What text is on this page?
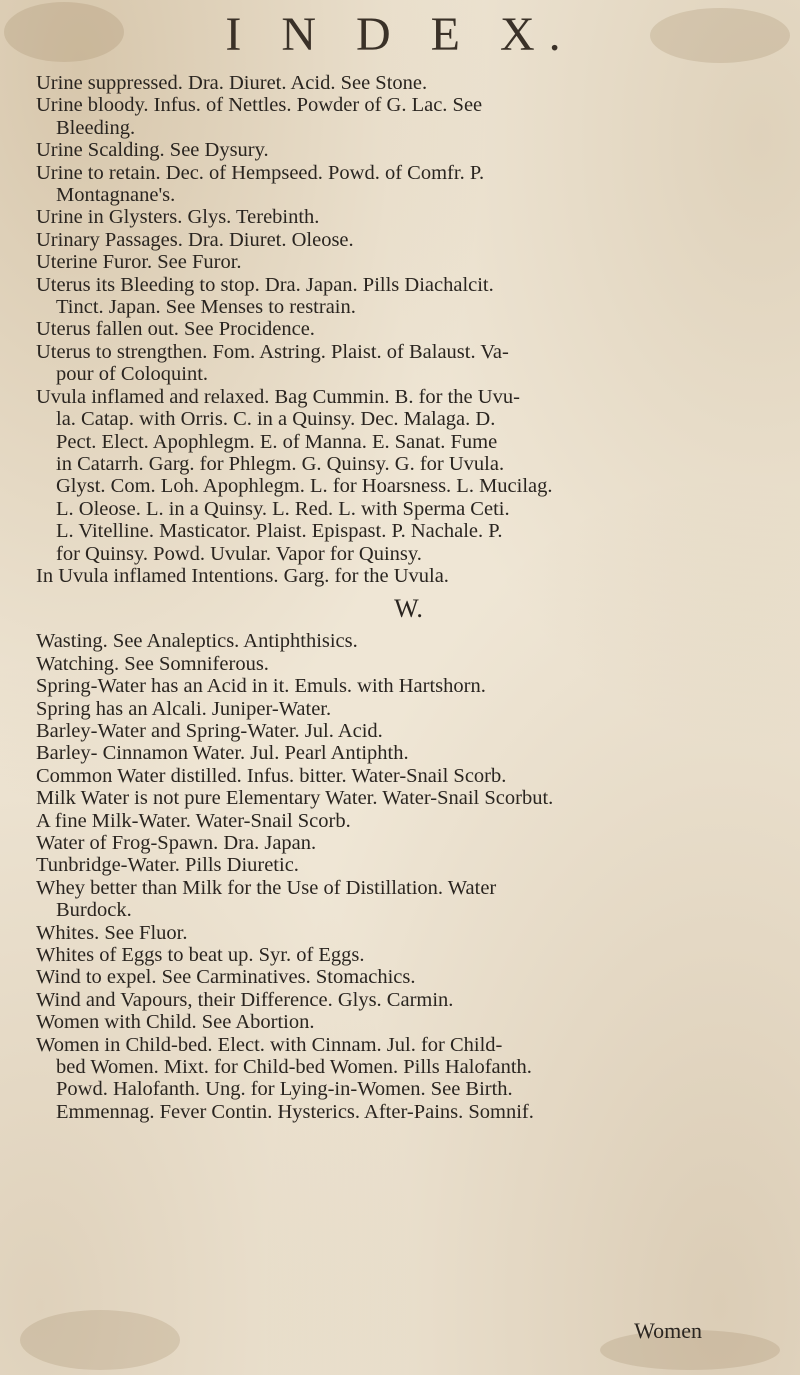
I N D E X.
Urine suppressed. Dra. Diuret. Acid. See Stone.
Urine bloody. Infus. of Nettles. Powder of G. Lac. See
Bleeding.
Urine Scalding. See Dysury.
Urine to retain. Dec. of Hempseed. Powd. of Comfr. P.
Montagnane's.
Urine in Glysters. Glys. Terebinth.
Urinary Passages. Dra. Diuret. Oleose.
Uterine Furor. See Furor.
Uterus its Bleeding to stop. Dra. Japan. Pills Diachalcit.
Tinct. Japan. See Menses to restrain.
Uterus fallen out. See Procidence.
Uterus to strengthen. Fom. Astring. Plaist. of Balaust. Va-
pour of Coloquint.
Uvula inflamed and relaxed. Bag Cummin. B. for the Uvu-
la. Catap. with Orris. C. in a Quinsy. Dec. Malaga. D.
Pect. Elect. Apophlegm. E. of Manna. E. Sanat. Fume
in Catarrh. Garg. for Phlegm. G. Quinsy. G. for Uvula.
Glyst. Com. Loh. Apophlegm. L. for Hoarsness. L. Mucilag.
L. Oleose. L. in a Quinsy. L. Red. L. with Sperma Ceti.
L. Vitelline. Masticator. Plaist. Epispast. P. Nachale. P.
for Quinsy. Powd. Uvular. Vapor for Quinsy.
In Uvula inflamed Intentions. Garg. for the Uvula.
W.
Wasting. See Analeptics. Antiphthisics.
Watching. See Somniferous.
Spring-Water has an Acid in it. Emuls. with Hartshorn.
Spring has an Alcali. Juniper-Water.
Barley-Water and Spring-Water. Jul. Acid.
Barley- Cinnamon Water. Jul. Pearl Antiphth.
Common Water distilled. Infus. bitter. Water-Snail Scorb.
Milk Water is not pure Elementary Water. Water-Snail Scorbut.
A fine Milk-Water. Water-Snail Scorb.
Water of Frog-Spawn. Dra. Japan.
Tunbridge-Water. Pills Diuretic.
Whey better than Milk for the Use of Distillation. Water
Burdock.
Whites. See Fluor.
Whites of Eggs to beat up. Syr. of Eggs.
Wind to expel. See Carminatives. Stomachics.
Wind and Vapours, their Difference. Glys. Carmin.
Women with Child. See Abortion.
Women in Child-bed. Elect. with Cinnam. Jul. for Child-
bed Women. Mixt. for Child-bed Women. Pills Halofanth.
Powd. Halofanth. Ung. for Lying-in-Women. See Birth.
Emmennag. Fever Contin. Hysterics. After-Pains. Somnif.
Women
